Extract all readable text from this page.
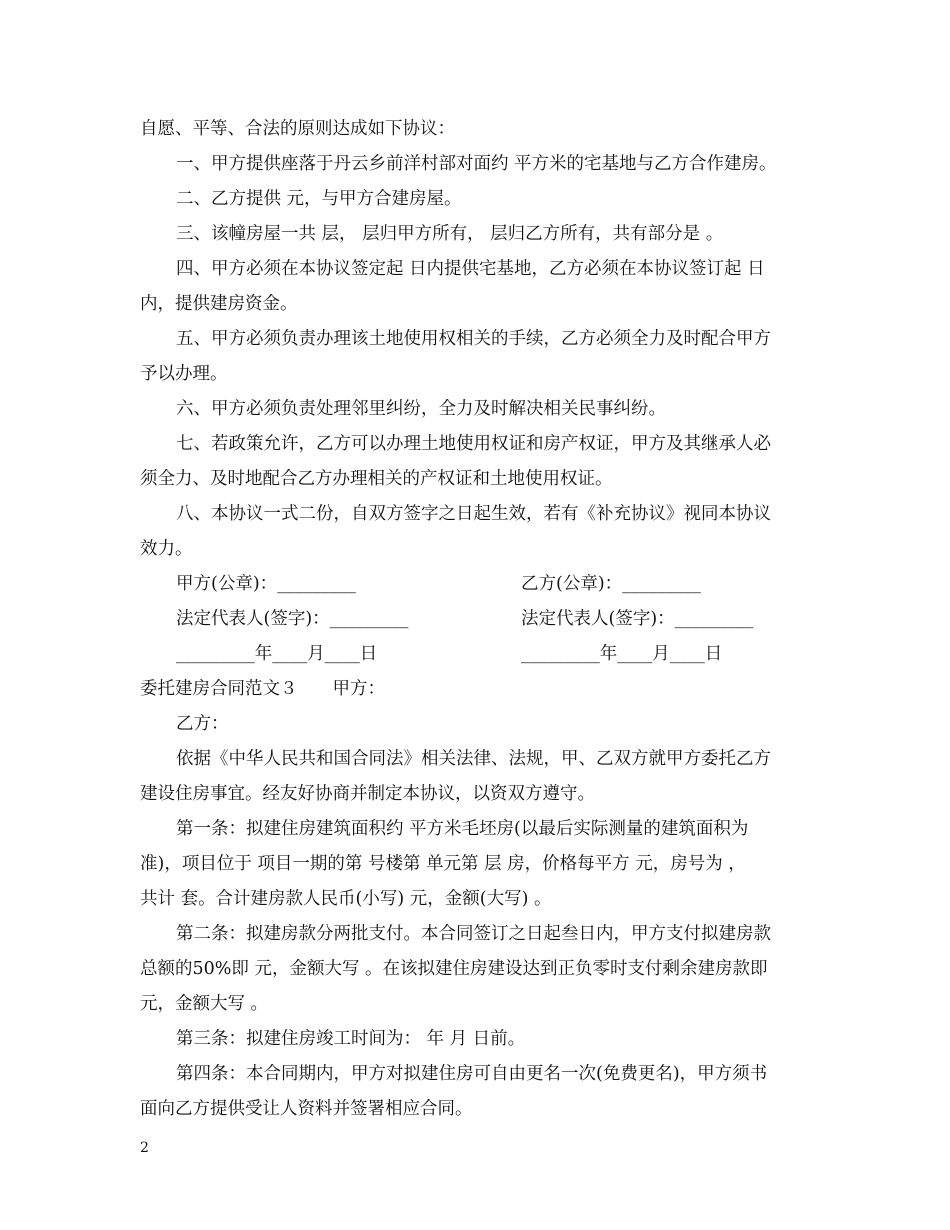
自愿、平等、合法的原则达成如下协议：
一、甲方提供座落于丹云乡前洋村部对面约 平方米的宅基地与乙方合作建房。
二、乙方提供 元，与甲方合建房屋。
三、该幢房屋一共 层， 层归甲方所有， 层归乙方所有，共有部分是 。
四、甲方必须在本协议签定起 日内提供宅基地，乙方必须在本协议签订起 日
内，提供建房资金。
五、甲方必须负责办理该土地使用权相关的手续，乙方必须全力及时配合甲方
予以办理。
六、甲方必须负责处理邻里纠纷，全力及时解决相关民事纠纷。
七、若政策允许，乙方可以办理土地使用权证和房产权证，甲方及其继承人必
须全力、及时地配合乙方办理相关的产权证和土地使用权证。
八、本协议一式二份，自双方签字之日起生效，若有《补充协议》视同本协议
效力。
甲方(公章)：_________	乙方(公章)：_________
法定代表人(签字)：_________	法定代表人(签字)：_________
_________年____月____日	_________年____月____日
委托建房合同范文３　　甲方：
乙方：
依据《中华人民共和国合同法》相关法律、法规，甲、乙双方就甲方委托乙方
建设住房事宜。经友好协商并制定本协议，以资双方遵守。
第一条：拟建住房建筑面积约 平方米毛坯房(以最后实际测量的建筑面积为
准)，项目位于 项目一期的第 号楼第 单元第 层 房，价格每平方 元，房号为 ，
共计 套。合计建房款人民币(小写) 元，金额(大写) 。
第二条：拟建房款分两批支付。本合同签订之日起叁日内，甲方支付拟建房款
总额的50%即 元，金额大写 。在该拟建住房建设达到正负零时支付剩余建房款即
元，金额大写 。
第三条：拟建住房竣工时间为： 年 月 日前。
第四条：本合同期内，甲方对拟建住房可自由更名一次(免费更名)，甲方须书
面向乙方提供受让人资料并签署相应合同。
2
